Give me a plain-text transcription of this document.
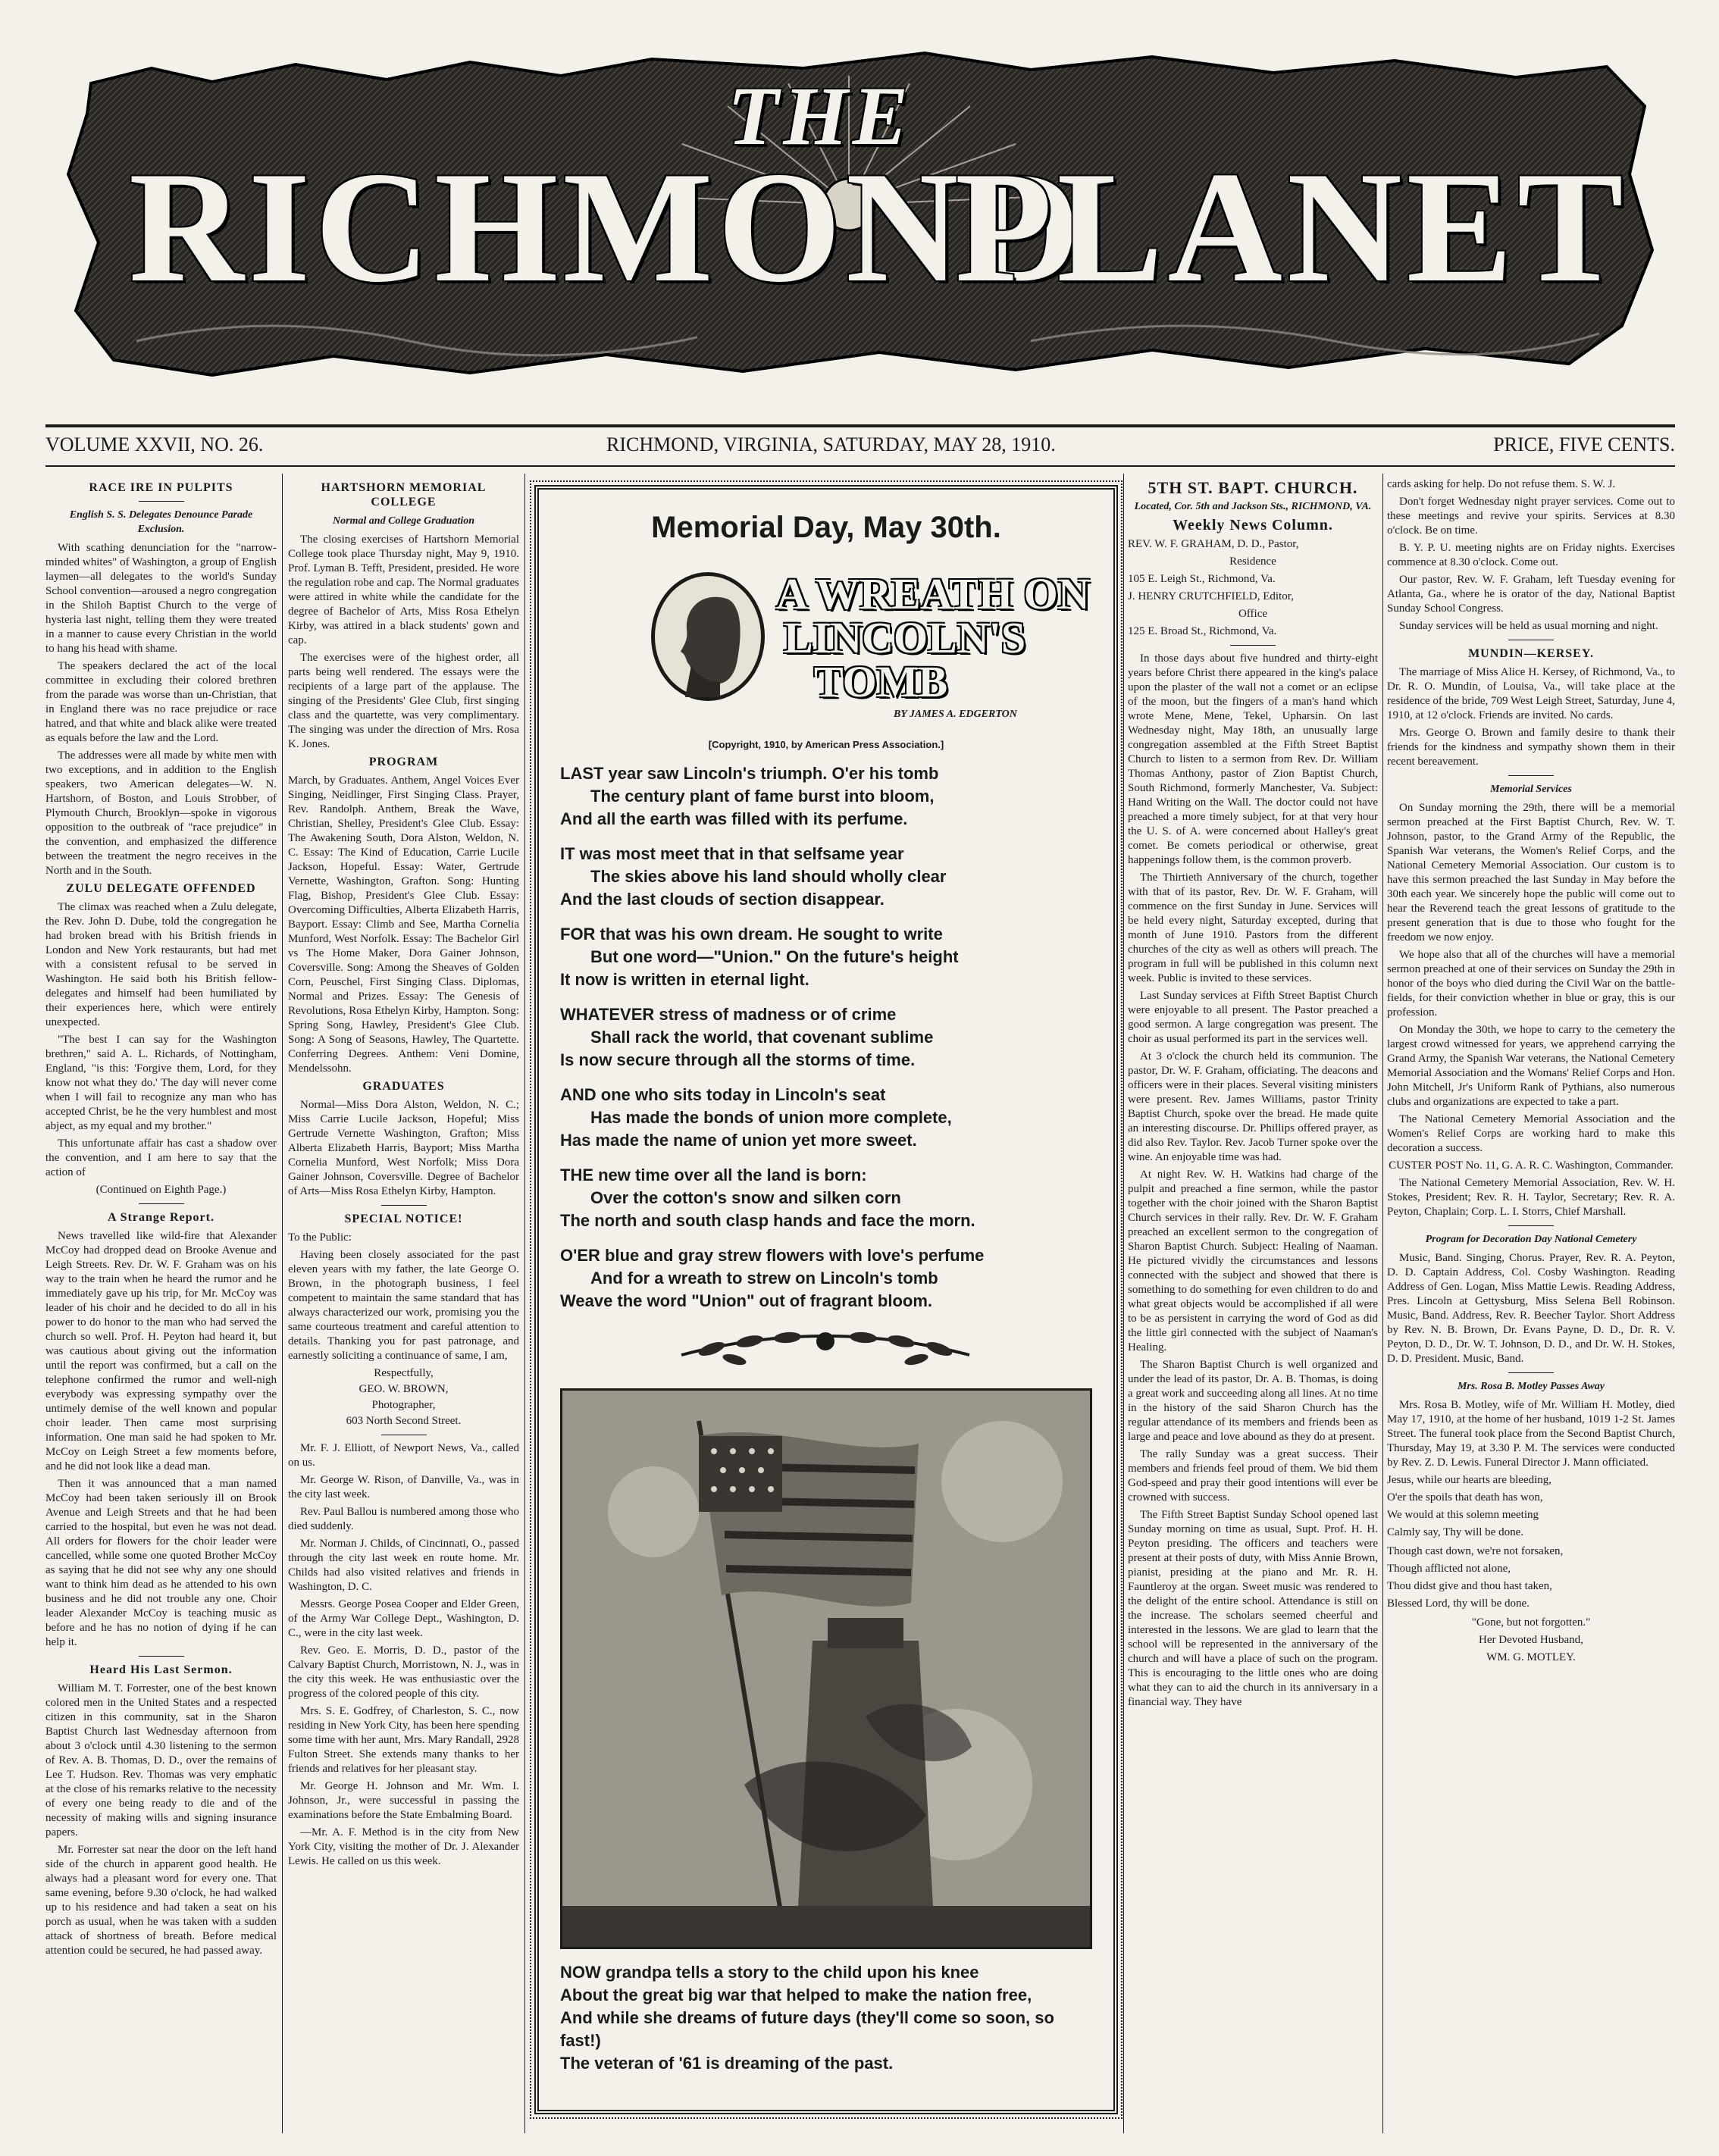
THE
RICHMOND
PLANET
VOLUME XXVII, NO. 26.	RICHMOND, VIRGINIA, SATURDAY, MAY 28, 1910.	PRICE, FIVE CENTS.
RACE IRE IN PULPITS
English S. S. Delegates Denounce Parade Exclusion.

With scathing denunciation for the "narrow-minded whites" of Washington, a group of English laymen—all delegates to the world's Sunday School convention—aroused a negro congregation in the Shiloh Baptist Church to the verge of hysteria last night, telling them they were treated in a manner to cause every Christian in the world to hang his head with shame.

The speakers declared the act of the local committee in excluding their colored brethren from the parade was worse than un-Christian, that in England there was no race prejudice or race hatred, and that white and black alike were treated as equals before the law and the Lord.

The addresses were all made by white men with two exceptions, and in addition to the English speakers, two American delegates—W. N. Hartshorn, of Boston, and Louis Strobber, of Plymouth Church, Brooklyn—spoke in vigorous opposition to the outbreak of "race prejudice" in the convention, and emphasized the difference between the treatment the negro receives in the North and in the South.

ZULU DELEGATE OFFENDED

The climax was reached when a Zulu delegate, the Rev. John D. Dube, told the congregation he had broken bread with his British friends in London and New York restaurants, but had met with a consistent refusal to be served in Washington. He said both his British fellow-delegates and himself had been humiliated by their experiences here, which were entirely unexpected.

"The best I can say for the Washington brethren," said A. L. Richards, of Nottingham, England, "is this: 'Forgive them, Lord, for they know not what they do.' The day will never come when I will fail to recognize any man who has accepted Christ, be he the very humblest and most abject, as my equal and my brother."

This unfortunate affair has cast a shadow over the convention, and I am here to say that the action of

(Continued on Eighth Page.)

A Strange Report.

News travelled like wild-fire that Alexander McCoy had dropped dead on Brooke Avenue and Leigh Streets. Rev. Dr. W. F. Graham was on his way to the train when he heard the rumor and he immediately gave up his trip, for Mr. McCoy was leader of his choir and he decided to do all in his power to do honor to the man who had served the church so well. Prof. H. Peyton had heard it, but was cautious about giving out the information until the report was confirmed, but a call on the telephone confirmed the rumor and well-nigh everybody was expressing sympathy over the untimely demise of the well known and popular choir leader. Then came most surprising information. One man said he had spoken to Mr. McCoy on Leigh Street a few moments before, and he did not look like a dead man.

Then it was announced that a man named McCoy had been taken seriously ill on Brook Avenue and Leigh Streets and that he had been carried to the hospital, but even he was not dead. All orders for flowers for the choir leader were cancelled, while some one quoted Brother McCoy as saying that he did not see why any one should want to think him dead as he attended to his own business and he did not trouble any one. Choir leader Alexander McCoy is teaching music as before and he has no notion of dying if he can help it.

Heard His Last Sermon.

William M. T. Forrester, one of the best known colored men in the United States and a respected citizen in this community, sat in the Sharon Baptist Church last Wednesday afternoon from about 3 o'clock until 4.30 listening to the sermon of Rev. A. B. Thomas, D. D., over the remains of Lee T. Hudson. Rev. Thomas was very emphatic at the close of his remarks relative to the necessity of every one being ready to die and of the necessity of making wills and signing insurance papers.

Mr. Forrester sat near the door on the left hand side of the church in apparent good health. He always had a pleasant word for every one. That same evening, before 9.30 o'clock, he had walked up to his residence and had taken a seat on his porch as usual, when he was taken with a sudden attack of shortness of breath. Before medical attention could be secured, he had passed away.

HARTSHORN MEMORIAL COLLEGE
Normal and College Graduation

The closing exercises of Hartshorn Memorial College took place Thursday night, May 9, 1910. Prof. Lyman B. Tefft, President, presided. He wore the regulation robe and cap. The Normal graduates were attired in white while the candidate for the degree of Bachelor of Arts, Miss Rosa Ethelyn Kirby, was attired in a black students' gown and cap.

The exercises were of the highest order, all parts being well rendered. The essays were the recipients of a large part of the applause. The singing of the Presidents' Glee Club, first singing class and the quartette, was very complimentary. The singing was under the direction of Mrs. Rosa K. Jones.

PROGRAM

March, by Graduates. Anthem, Angel Voices Ever Singing, Neidlinger, First Singing Class. Prayer, Rev. Randolph. Anthem, Break the Wave, Christian, Shelley, President's Glee Club. Essay: The Awakening South, Dora Alston, Weldon, N. C. Essay: The Kind of Education, Carrie Lucile Jackson, Hopeful. Essay: Water, Gertrude Vernette, Washington, Grafton. Song: Hunting Flag, Bishop, President's Glee Club. Essay: Overcoming Difficulties, Alberta Elizabeth Harris, Bayport. Essay: Climb and See, Martha Cornelia Munford, West Norfolk. Essay: The Bachelor Girl vs The Home Maker, Dora Gainer Johnson, Coversville. Song: Among the Sheaves of Golden Corn, Peuschel, First Singing Class. Diplomas, Normal and Prizes. Essay: The Genesis of Revolutions, Rosa Ethelyn Kirby, Hampton. Song: Spring Song, Hawley, President's Glee Club. Song: A Song of Seasons, Hawley, The Quartette. Conferring Degrees. Anthem: Veni Domine, Mendelssohn.

GRADUATES

Normal—Miss Dora Alston, Weldon, N. C.; Miss Carrie Lucile Jackson, Hopeful; Miss Gertrude Vernette Washington, Grafton; Miss Alberta Elizabeth Harris, Bayport; Miss Martha Cornelia Munford, West Norfolk; Miss Dora Gainer Johnson, Coversville. Degree of Bachelor of Arts—Miss Rosa Ethelyn Kirby, Hampton.

SPECIAL NOTICE!

To the Public:

Having been closely associated for the past eleven years with my father, the late George O. Brown, in the photograph business, I feel competent to maintain the same standard that has always characterized our work, promising you the same courteous treatment and careful attention to details. Thanking you for past patronage, and earnestly soliciting a continuance of same, I am,

Respectfully,

GEO. W. BROWN,

Photographer,

603 North Second Street.

Mr. F. J. Elliott, of Newport News, Va., called on us.

Mr. George W. Rison, of Danville, Va., was in the city last week.

Rev. Paul Ballou is numbered among those who died suddenly.

Mr. Norman J. Childs, of Cincinnati, O., passed through the city last week en route home. Mr. Childs had also visited relatives and friends in Washington, D. C.

Messrs. George Posea Cooper and Elder Green, of the Army War College Dept., Washington, D. C., were in the city last week.

Rev. Geo. E. Morris, D. D., pastor of the Calvary Baptist Church, Morristown, N. J., was in the city this week. He was enthusiastic over the progress of the colored people of this city.

Mrs. S. E. Godfrey, of Charleston, S. C., now residing in New York City, has been here spending some time with her aunt, Mrs. Mary Randall, 2928 Fulton Street. She extends many thanks to her friends and relatives for her pleasant stay.

Mr. George H. Johnson and Mr. Wm. I. Johnson, Jr., were successful in passing the examinations before the State Embalming Board.

—Mr. A. F. Method is in the city from New York City, visiting the mother of Dr. J. Alexander Lewis. He called on us this week.

Memorial Day, May 30th.
A WREATH ON
LINCOLN'S
TOMB
BY JAMES A. EDGERTON
[Copyright, 1910, by American Press Association.]
LAST year saw Lincoln's triumph. O'er his tomb
The century plant of fame burst into bloom,
And all the earth was filled with its perfume.
IT was most meet that in that selfsame year
The skies above his land should wholly clear
And the last clouds of section disappear.
FOR that was his own dream. He sought to write
But one word—"Union." On the future's height
It now is written in eternal light.
WHATEVER stress of madness or of crime
Shall rack the world, that covenant sublime
Is now secure through all the storms of time.
AND one who sits today in Lincoln's seat
Has made the bonds of union more complete,
Has made the name of union yet more sweet.
THE new time over all the land is born:
Over the cotton's snow and silken corn
The north and south clasp hands and face the morn.
O'ER blue and gray strew flowers with love's perfume
And for a wreath to strew on Lincoln's tomb
Weave the word "Union" out of fragrant bloom.
NOW grandpa tells a story to the child upon his knee
About the great big war that helped to make the nation free,
And while she dreams of future days (they'll come so soon, so fast!)
The veteran of '61 is dreaming of the past.
5TH ST. BAPT. CHURCH.
Located, Cor. 5th and Jackson Sts., RICHMOND, VA.
Weekly News Column.

REV. W. F. GRAHAM, D. D., Pastor,

Residence

105 E. Leigh St., Richmond, Va.

J. HENRY CRUTCHFIELD, Editor,

Office

125 E. Broad St., Richmond, Va.

In those days about five hundred and thirty-eight years before Christ there appeared in the king's palace upon the plaster of the wall not a comet or an eclipse of the moon, but the fingers of a man's hand which wrote Mene, Mene, Tekel, Upharsin. On last Wednesday night, May 18th, an unusually large congregation assembled at the Fifth Street Baptist Church to listen to a sermon from Rev. Dr. William Thomas Anthony, pastor of Zion Baptist Church, South Richmond, formerly Manchester, Va. Subject: Hand Writing on the Wall. The doctor could not have preached a more timely subject, for at that very hour the U. S. of A. were concerned about Halley's great comet. Be comets periodical or otherwise, great happenings follow them, is the common proverb.

The Thirtieth Anniversary of the church, together with that of its pastor, Rev. Dr. W. F. Graham, will commence on the first Sunday in June. Services will be held every night, Saturday excepted, during that month of June 1910. Pastors from the different churches of the city as well as others will preach. The program in full will be published in this column next week. Public is invited to these services.

Last Sunday services at Fifth Street Baptist Church were enjoyable to all present. The Pastor preached a good sermon. A large congregation was present. The choir as usual performed its part in the services well.

At 3 o'clock the church held its communion. The pastor, Dr. W. F. Graham, officiating. The deacons and officers were in their places. Several visiting ministers were present. Rev. James Williams, pastor Trinity Baptist Church, spoke over the bread. He made quite an interesting discourse. Dr. Phillips offered prayer, as did also Rev. Taylor. Rev. Jacob Turner spoke over the wine. An enjoyable time was had.

At night Rev. W. H. Watkins had charge of the pulpit and preached a fine sermon, while the pastor together with the choir joined with the Sharon Baptist Church services in their rally. Rev. Dr. W. F. Graham preached an excellent sermon to the congregation of Sharon Baptist Church. Subject: Healing of Naaman. He pictured vividly the circumstances and lessons connected with the subject and showed that there is something to do something for even children to do and what great objects would be accomplished if all were to be as persistent in carrying the word of God as did the little girl connected with the subject of Naaman's Healing.

The Sharon Baptist Church is well organized and under the lead of its pastor, Dr. A. B. Thomas, is doing a great work and succeeding along all lines. At no time in the history of the said Sharon Church has the regular attendance of its members and friends been as large and peace and love abound as they do at present.

The rally Sunday was a great success. Their members and friends feel proud of them. We bid them God-speed and pray their good intentions will ever be crowned with success.

The Fifth Street Baptist Sunday School opened last Sunday morning on time as usual, Supt. Prof. H. H. Peyton presiding. The officers and teachers were present at their posts of duty, with Miss Annie Brown, pianist, presiding at the piano and Mr. R. H. Fauntleroy at the organ. Sweet music was rendered to the delight of the entire school. Attendance is still on the increase. The scholars seemed cheerful and interested in the lessons. We are glad to learn that the school will be represented in the anniversary of the church and will have a place of such on the program. This is encouraging to the little ones who are doing what they can to aid the church in its anniversary in a financial way. They have

cards asking for help. Do not refuse them. S. W. J.

Don't forget Wednesday night prayer services. Come out to these meetings and revive your spirits. Services at 8.30 o'clock. Be on time.

B. Y. P. U. meeting nights are on Friday nights. Exercises commence at 8.30 o'clock. Come out.

Our pastor, Rev. W. F. Graham, left Tuesday evening for Atlanta, Ga., where he is orator of the day, National Baptist Sunday School Congress.

Sunday services will be held as usual morning and night.

MUNDIN—KERSEY.

The marriage of Miss Alice H. Kersey, of Richmond, Va., to Dr. R. O. Mundin, of Louisa, Va., will take place at the residence of the bride, 709 West Leigh Street, Saturday, June 4, 1910, at 12 o'clock. Friends are invited. No cards.

Mrs. George O. Brown and family desire to thank their friends for the kindness and sympathy shown them in their recent bereavement.

Memorial Services

On Sunday morning the 29th, there will be a memorial sermon preached at the First Baptist Church, Rev. W. T. Johnson, pastor, to the Grand Army of the Republic, the Spanish War veterans, the Women's Relief Corps, and the National Cemetery Memorial Association. Our custom is to have this sermon preached the last Sunday in May before the 30th each year. We sincerely hope the public will come out to hear the Reverend teach the great lessons of gratitude to the present generation that is due to those who fought for the freedom we now enjoy.

We hope also that all of the churches will have a memorial sermon preached at one of their services on Sunday the 29th in honor of the boys who died during the Civil War on the battle-fields, for their conviction whether in blue or gray, this is our profession.

On Monday the 30th, we hope to carry to the cemetery the largest crowd witnessed for years, we apprehend carrying the Grand Army, the Spanish War veterans, the National Cemetery Memorial Association and the Womans' Relief Corps and Hon. John Mitchell, Jr's Uniform Rank of Pythians, also numerous clubs and organizations are expected to take a part.

The National Cemetery Memorial Association and the Women's Relief Corps are working hard to make this decoration a success.

CUSTER POST No. 11, G. A. R. C. Washington, Commander.

The National Cemetery Memorial Association, Rev. W. H. Stokes, President; Rev. R. H. Taylor, Secretary; Rev. R. A. Peyton, Chaplain; Corp. L. I. Storrs, Chief Marshall.

Program for Decoration Day National Cemetery

Music, Band. Singing, Chorus. Prayer, Rev. R. A. Peyton, D. D. Captain Address, Col. Cosby Washington. Reading Address of Gen. Logan, Miss Mattie Lewis. Reading Address, Pres. Lincoln at Gettysburg, Miss Selena Bell Robinson. Music, Band. Address, Rev. R. Beecher Taylor. Short Address by Rev. N. B. Brown, Dr. Evans Payne, D. D., Dr. R. V. Peyton, D. D., Dr. W. T. Johnson, D. D., and Dr. W. H. Stokes, D. D. President. Music, Band.

Mrs. Rosa B. Motley Passes Away

Mrs. Rosa B. Motley, wife of Mr. William H. Motley, died May 17, 1910, at the home of her husband, 1019 1-2 St. James Street. The funeral took place from the Second Baptist Church, Thursday, May 19, at 3.30 P. M. The services were conducted by Rev. Z. D. Lewis. Funeral Director J. Mann officiated.

Jesus, while our hearts are bleeding,

O'er the spoils that death has won,

We would at this solemn meeting

Calmly say, Thy will be done.

Though cast down, we're not forsaken,

Though afflicted not alone,

Thou didst give and thou hast taken,

Blessed Lord, thy will be done.

"Gone, but not forgotten."

Her Devoted Husband,

WM. G. MOTLEY.
